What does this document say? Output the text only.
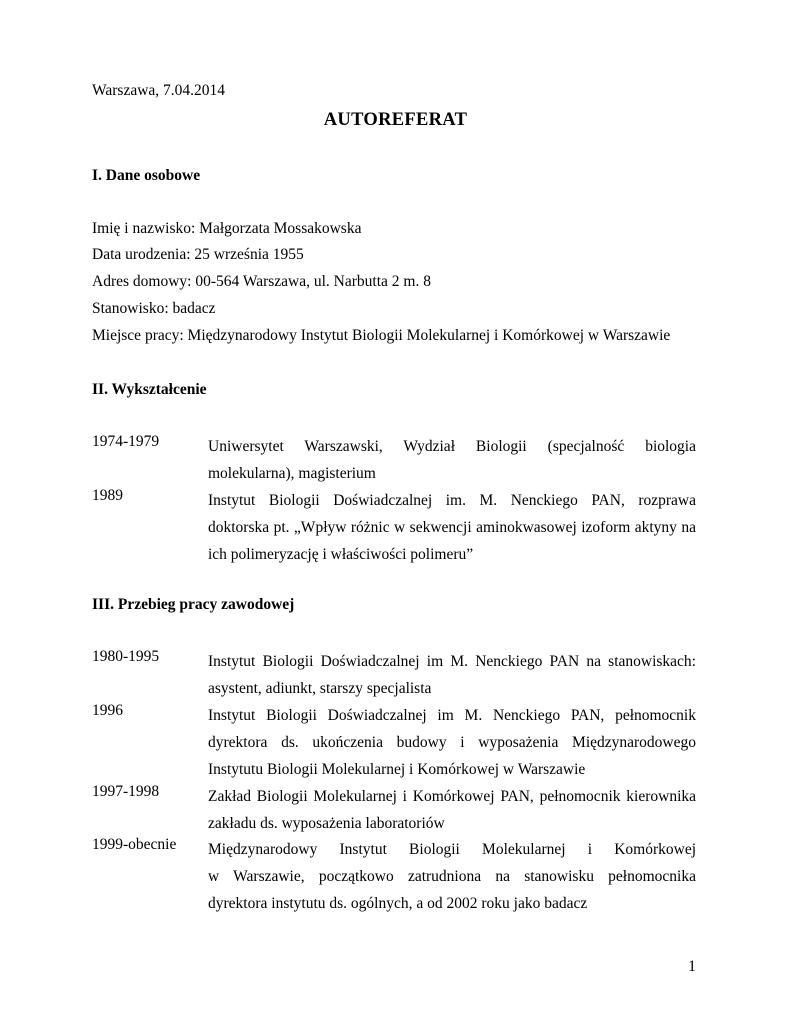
Warszawa, 7.04.2014
AUTOREFERAT
I. Dane osobowe
Imię i nazwisko: Małgorzata Mossakowska
Data urodzenia: 25 września 1955
Adres domowy: 00-564 Warszawa, ul. Narbutta 2 m. 8
Stanowisko: badacz
Miejsce pracy: Międzynarodowy Instytut Biologii Molekularnej i Komórkowej w Warszawie
II. Wykształcenie
1974-1979	Uniwersytet Warszawski, Wydział Biologii (specjalność biologia
molekularna), magisterium
1989	Instytut Biologii Doświadczalnej im. M. Nenckiego PAN, rozprawa
doktorska pt. „Wpływ różnic w sekwencji aminokwasowej izoform aktyny na
ich polimeryzację i właściwości polimeru”
III. Przebieg pracy zawodowej
1980-1995	Instytut Biologii Doświadczalnej im M. Nenckiego PAN na stanowiskach:
asystent, adiunkt, starszy specjalista
1996	Instytut Biologii Doświadczalnej im M. Nenckiego PAN, pełnomocnik
dyrektora ds. ukończenia budowy i wyposażenia Międzynarodowego
Instytutu Biologii Molekularnej i Komórkowej w Warszawie
1997-1998	Zakład Biologii Molekularnej i Komórkowej PAN, pełnomocnik kierownika
zakładu ds. wyposażenia laboratoriów
1999-obecnie Międzynarodowy Instytut Biologii Molekularnej i Komórkowej
w Warszawie, początkowo zatrudniona na stanowisku pełnomocnika
dyrektora instytutu ds. ogólnych, a od 2002 roku jako badacz
1
